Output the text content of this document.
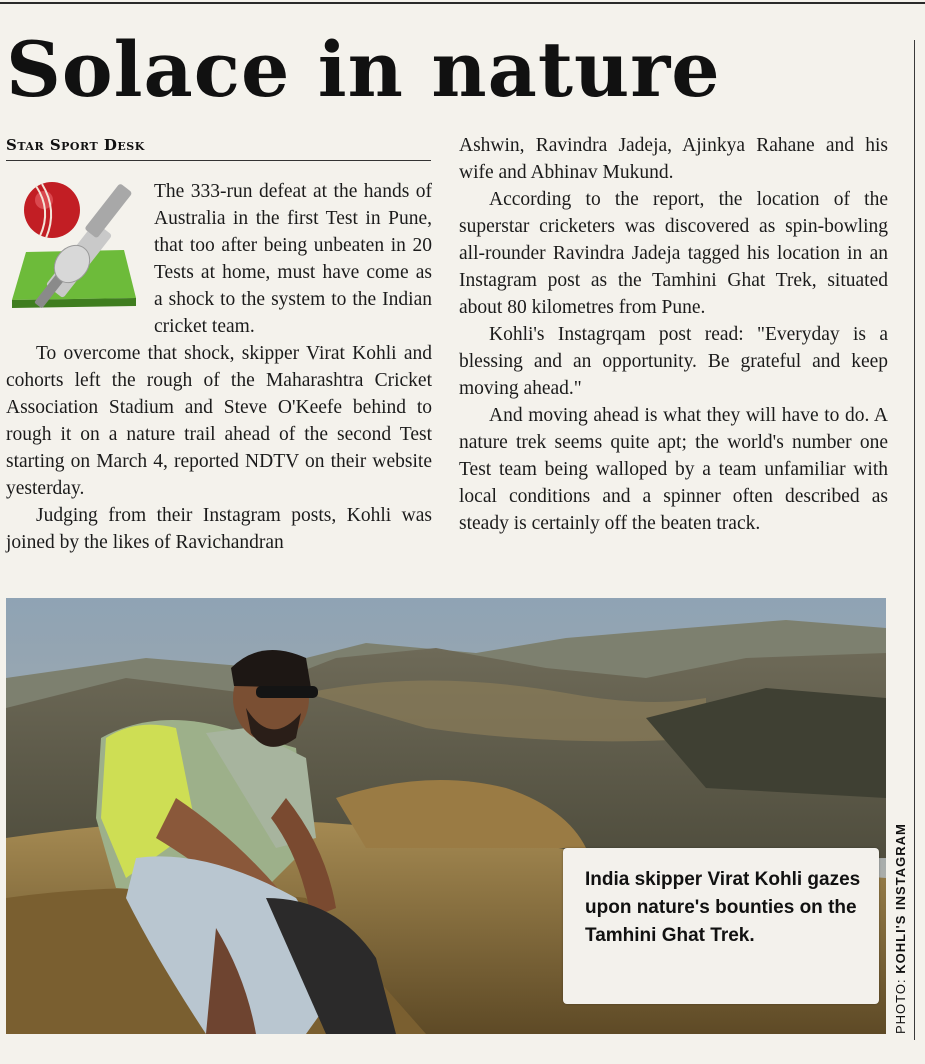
Solace in nature
Star Sport Desk

The 333-run defeat at the hands of Australia in the first Test in Pune, that too after being unbeaten in 20 Tests at home, must have come as a shock to the system to the Indian cricket team.

To overcome that shock, skipper Virat Kohli and cohorts left the rough of the Maharashtra Cricket Association Stadium and Steve O'Keefe behind to rough it on a nature trail ahead of the second Test starting on March 4, reported NDTV on their website yesterday.

Judging from their Instagram posts, Kohli was joined by the likes of Ravichandran

Ashwin, Ravindra Jadeja, Ajinkya Rahane and his wife and Abhinav Mukund.

According to the report, the location of the superstar cricketers was discovered as spin-bowling all-rounder Ravindra Jadeja tagged his location in an Instagram post as the Tamhini Ghat Trek, situated about 80 kilometres from Pune.

Kohli's Instagrqam post read: "Everyday is a blessing and an opportunity. Be grateful and keep moving ahead."

And moving ahead is what they will have to do. A nature trek seems quite apt; the world's number one Test team being walloped by a team unfamiliar with local conditions and a spinner often described as steady is certainly off the beaten track.

India skipper Virat Kohli gazes upon nature's bounties on the Tamhini Ghat Trek.
PHOTO: KOHLI'S INSTAGRAM
